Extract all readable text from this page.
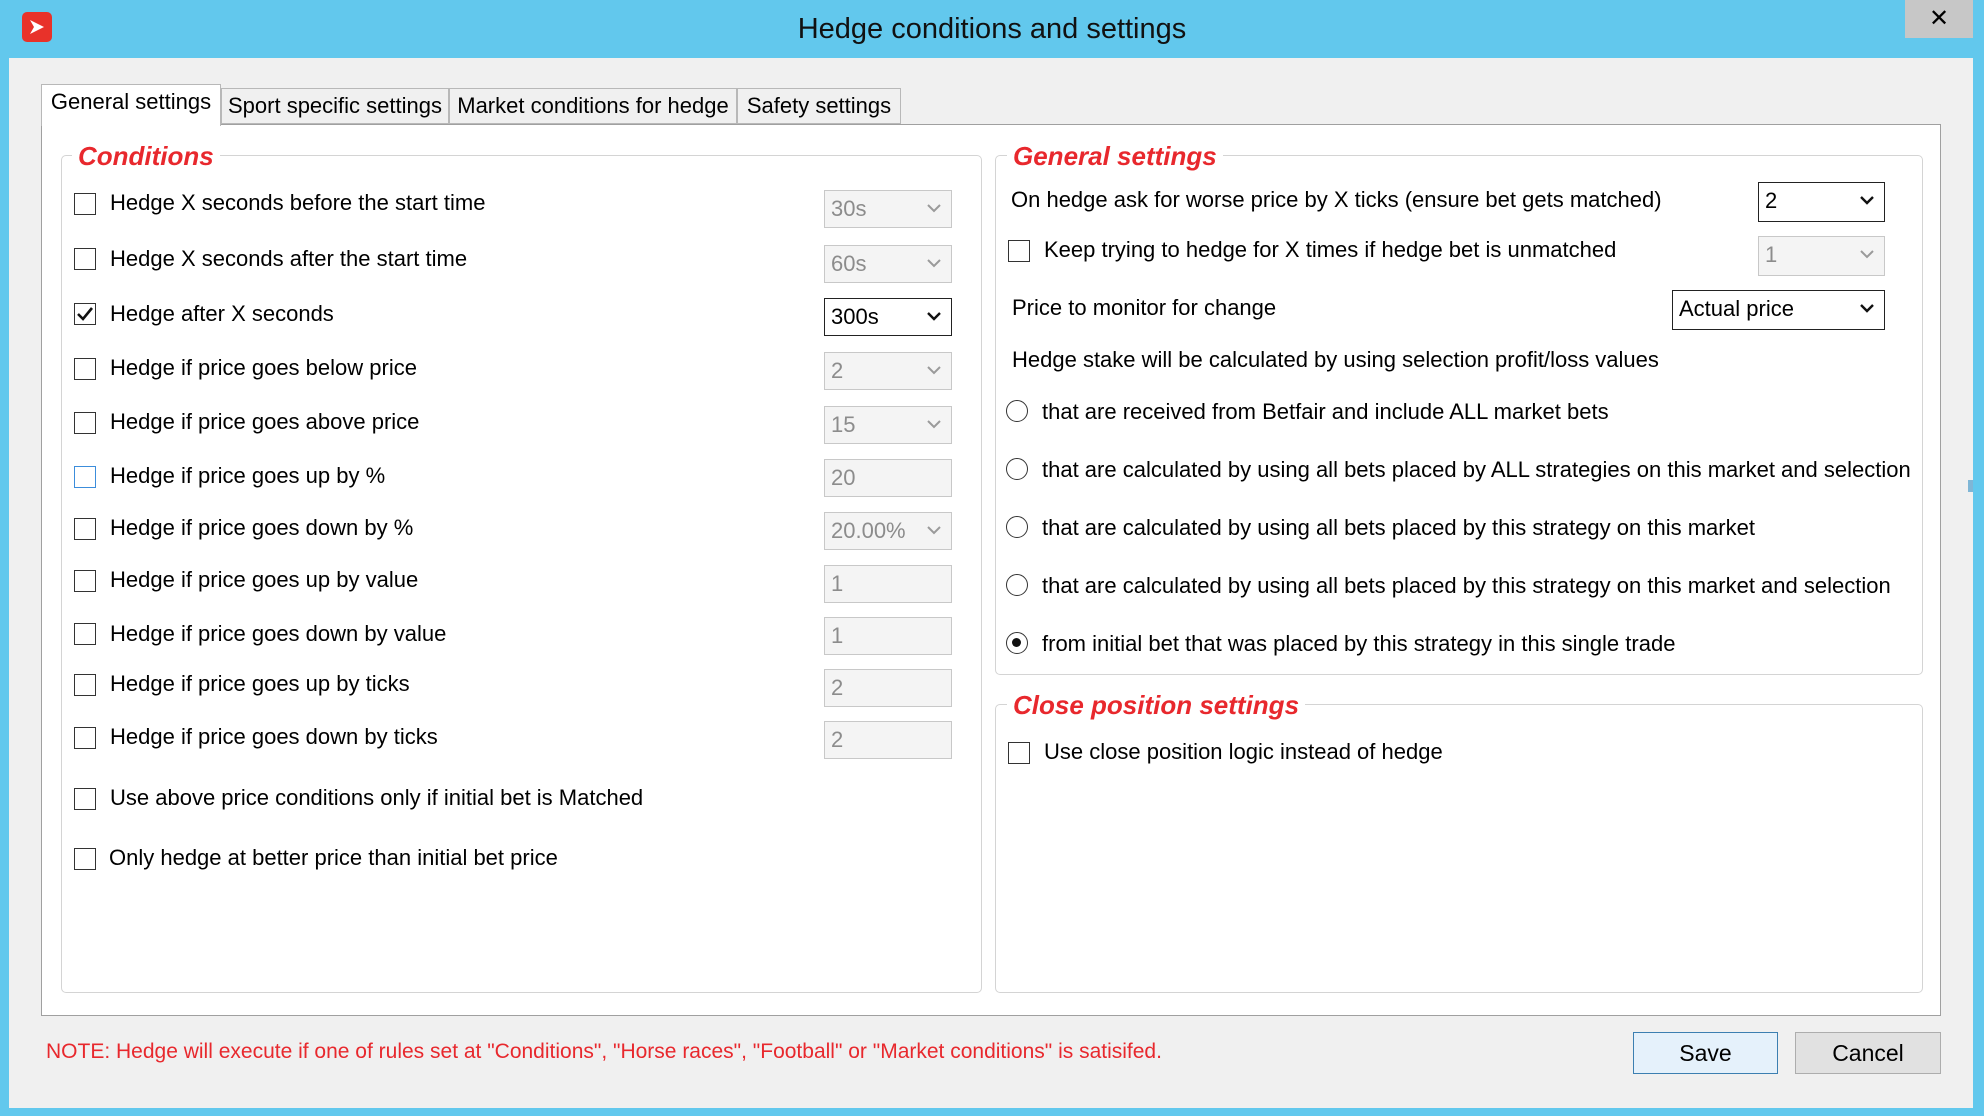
Hedge conditions and settings	✕
General settings Sport specific settings Market conditions for hedge Safety settings
Conditions
Hedge X seconds before the start time	30s
Hedge X seconds after the start time	60s
Hedge after X seconds	300s
Hedge if price goes below price	2
Hedge if price goes above price	15
Hedge if price goes up by %	20
Hedge if price goes down by %	20.00%
Hedge if price goes up by value	1
Hedge if price goes down by value	1
Hedge if price goes up by ticks	2
Hedge if price goes down by ticks	2
Use above price conditions only if initial bet is Matched
Only hedge at better price than initial bet price
General settings
On hedge ask for worse price by X ticks (ensure bet gets matched)	2
Keep trying to hedge for X times if hedge bet is unmatched	1
Price to monitor for change	Actual price
Hedge stake will be calculated by using selection profit/loss values
that are received from Betfair and include ALL market bets
that are calculated by using all bets placed by ALL strategies on this market and selection
that are calculated by using all bets placed by this strategy on this market
that are calculated by using all bets placed by this strategy on this market and selection
from initial bet that was placed by this strategy in this single trade
Close position settings
Use close position logic instead of hedge
NOTE: Hedge will execute if one of rules set at "Conditions", "Horse races", "Football" or "Market conditions" is satisifed.	Save	Cancel
